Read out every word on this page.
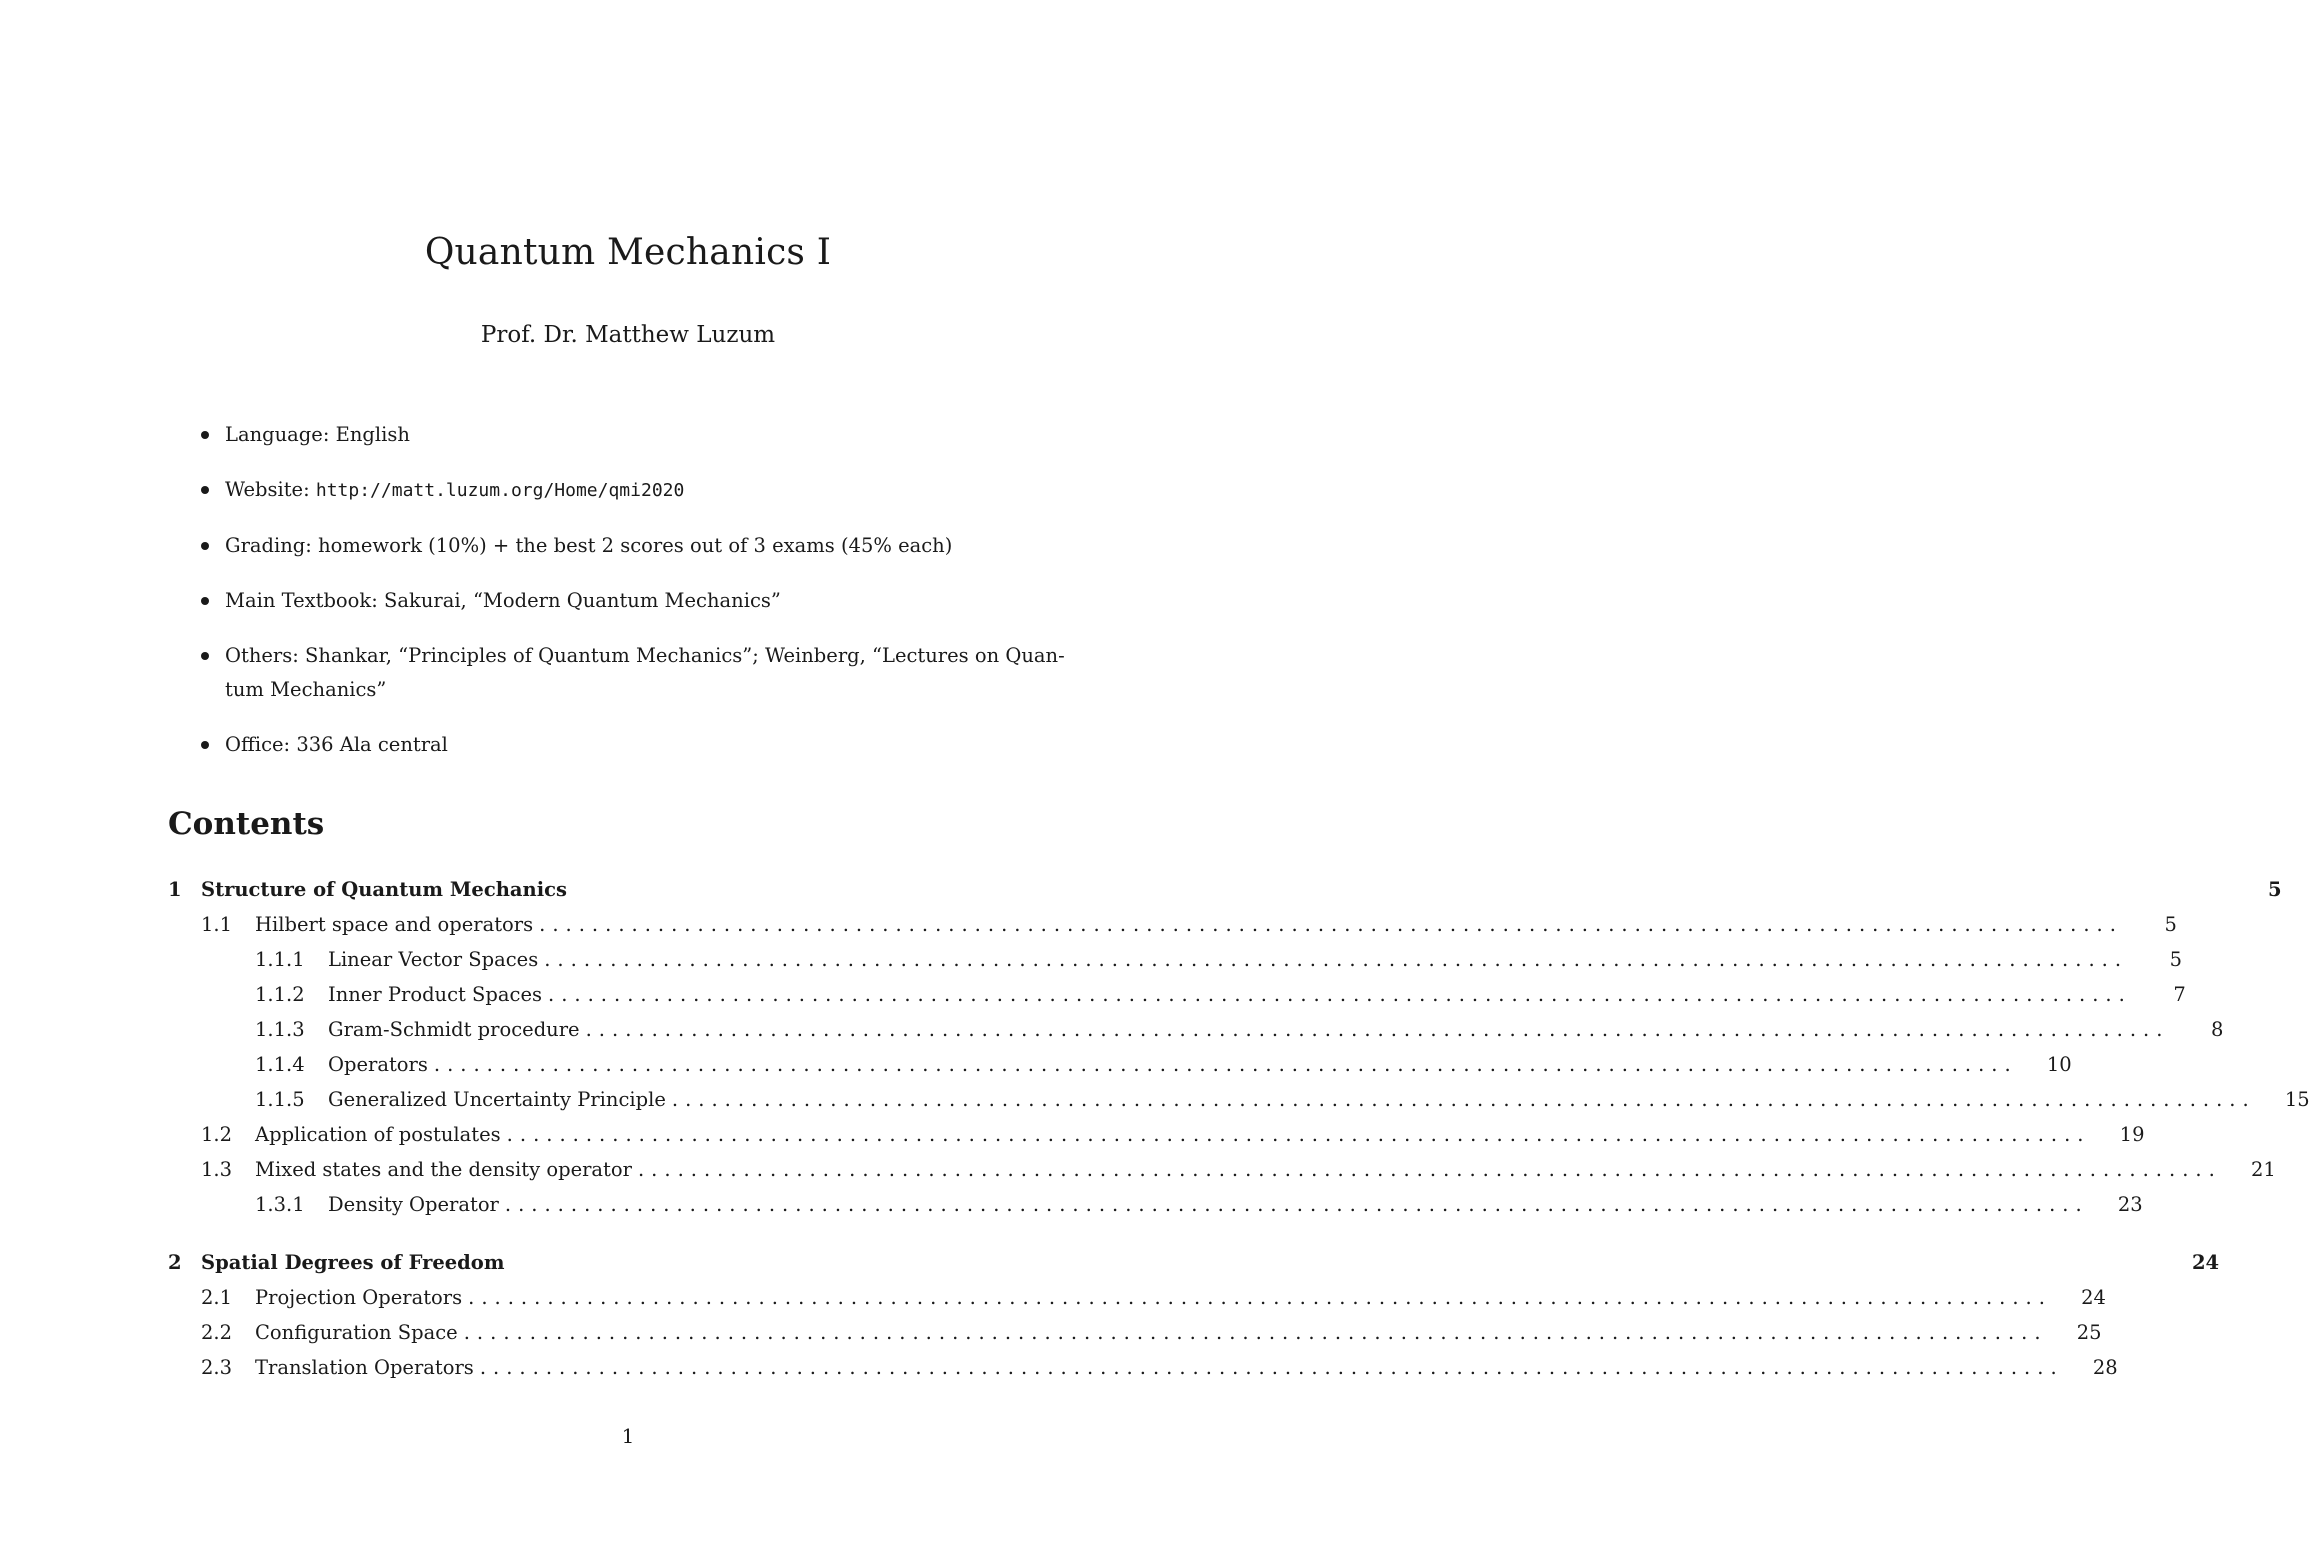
Quantum Mechanics I
Prof. Dr. Matthew Luzum
Language: English
Website: http://matt.luzum.org/Home/qmi2020
Grading: homework (10%) + the best 2 scores out of 3 exams (45% each)
Main Textbook: Sakurai, “Modern Quantum Mechanics”
Others: Shankar, “Principles of Quantum Mechanics”; Weinberg, “Lectures on Quan-
tum Mechanics”
Office: 336 Ala central
Contents
1 Structure of Quantum Mechanics	5
1.1	Hilbert space and operators ........................................................................................................................	5
1.1.1	Linear Vector Spaces ........................................................................................................................	5
1.1.2	Inner Product Spaces ........................................................................................................................	7
1.1.3	Gram-Schmidt procedure ........................................................................................................................	8
1.1.4	Operators ........................................................................................................................	10
1.1.5	Generalized Uncertainty Principle ........................................................................................................................	15
1.2	Application of postulates ........................................................................................................................	19
1.3	Mixed states and the density operator ........................................................................................................................	21
1.3.1	Density Operator ........................................................................................................................	23
2 Spatial Degrees of Freedom	24
2.1	Projection Operators ........................................................................................................................	24
2.2	Configuration Space ........................................................................................................................	25
2.3	Translation Operators ........................................................................................................................	28
1
